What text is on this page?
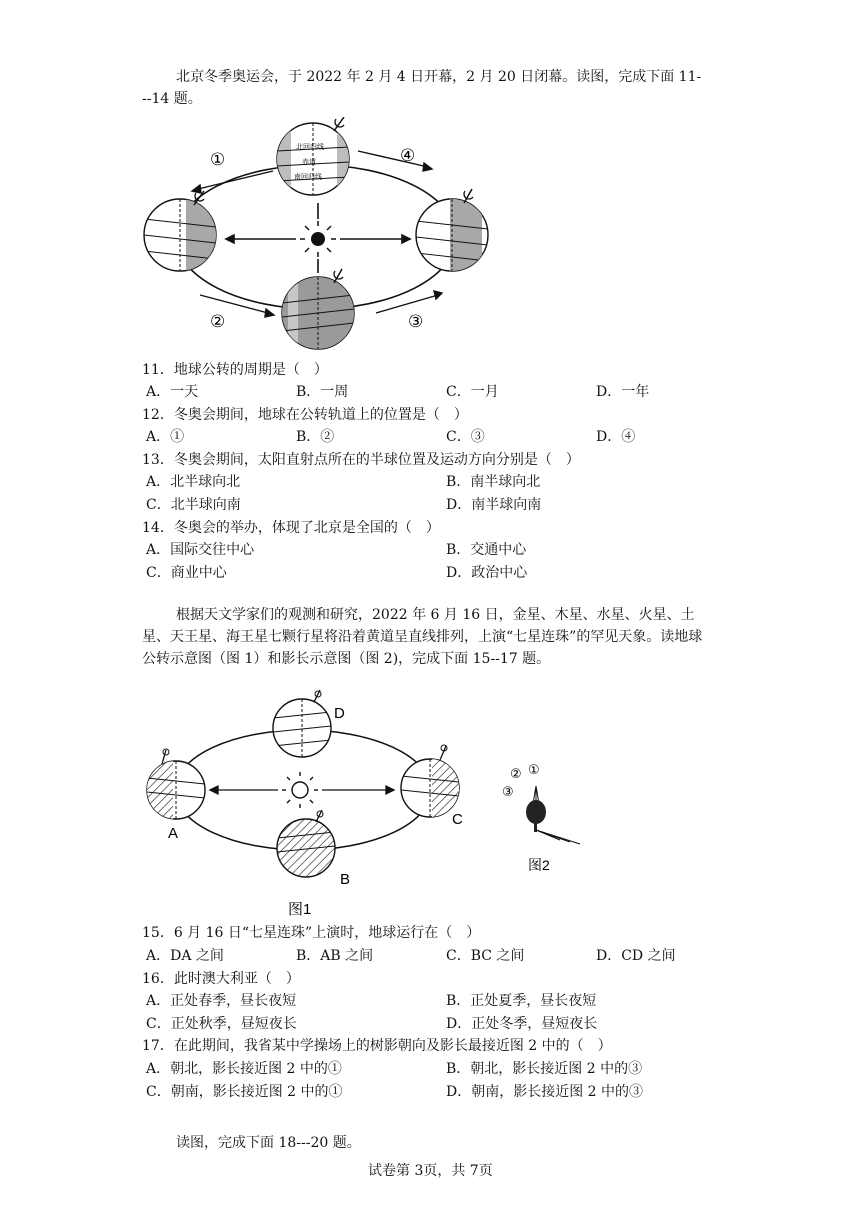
北京冬季奥运会，于 2022 年 2 月 4 日开幕，2 月 20 日闭幕。读图，完成下面 11---14 题。
北回归线
赤道
南回归线
①	④
②	③
11．地球公转的周期是（　）
A．一天	B．一周	C．一月	D．一年
12．冬奥会期间，地球在公转轨道上的位置是（　）
A．①	B．②	C．③	D．④
13．冬奥会期间，太阳直射点所在的半球位置及运动方向分别是（　）
A．北半球向北	B．南半球向北
C．北半球向南	D．南半球向南
14．冬奥会的举办，体现了北京是全国的（　）
A．国际交往中心	B．交通中心
C．商业中心	D．政治中心
根据天文学家们的观测和研究，2022 年 6 月 16 日，金星、木星、水星、火星、土星、天王星、海王星七颗行星将沿着黄道呈直线排列，上演“七星连珠”的罕见天象。读地球公转示意图（图 1）和影长示意图（图 2)，完成下面 15--17 题。
A
B
C
D
图1
② ①
③
图2
15．6 月 16 日“七星连珠”上演时，地球运行在（　）
A．DA 之间	B．AB 之间	C．BC 之间	D．CD 之间
16．此时澳大利亚（　）
A．正处春季，昼长夜短	B．正处夏季，昼长夜短
C．正处秋季，昼短夜长	D．正处冬季，昼短夜长
17．在此期间，我省某中学操场上的树影朝向及影长最接近图 2 中的（　）
A．朝北，影长接近图 2 中的①	B．朝北，影长接近图 2 中的③
C．朝南，影长接近图 2 中的①	D．朝南，影长接近图 2 中的③
读图，完成下面 18---20 题。
试卷第 3页，共 7页
